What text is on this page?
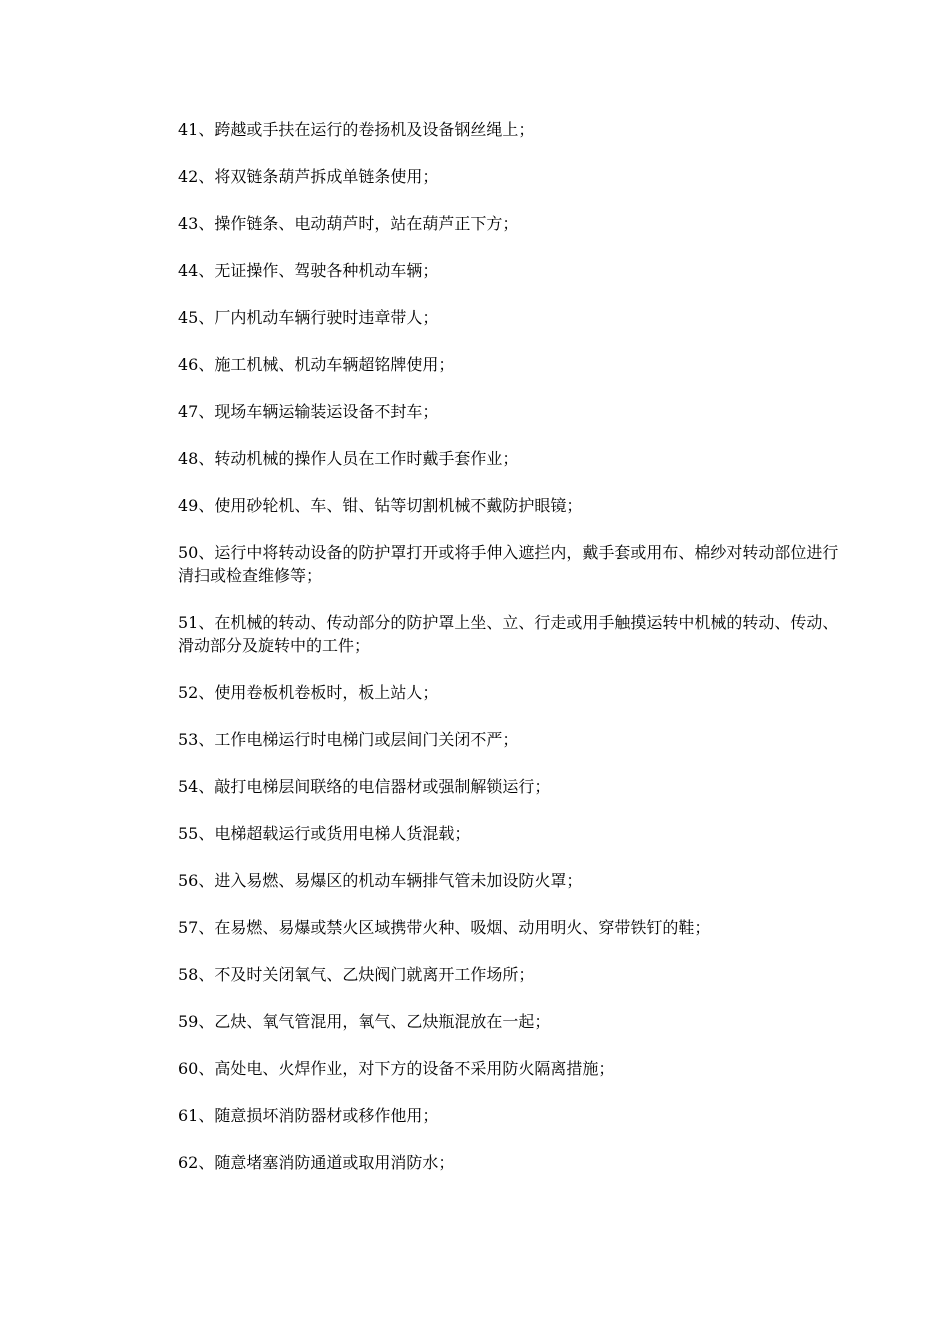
41、跨越或手扶在运行的卷扬机及设备钢丝绳上；
42、将双链条葫芦拆成单链条使用；
43、操作链条、电动葫芦时，站在葫芦正下方；
44、无证操作、驾驶各种机动车辆；
45、厂内机动车辆行驶时违章带人；
46、施工机械、机动车辆超铭牌使用；
47、现场车辆运输装运设备不封车；
48、转动机械的操作人员在工作时戴手套作业；
49、使用砂轮机、车、钳、钻等切割机械不戴防护眼镜；
50、运行中将转动设备的防护罩打开或将手伸入遮拦内，戴手套或用布、棉纱对转动部位进行
清扫或检查维修等；
51、在机械的转动、传动部分的防护罩上坐、立、行走或用手触摸运转中机械的转动、传动、
滑动部分及旋转中的工件；
52、使用卷板机卷板时，板上站人；
53、工作电梯运行时电梯门或层间门关闭不严；
54、敲打电梯层间联络的电信器材或强制解锁运行；
55、电梯超载运行或货用电梯人货混载；
56、进入易燃、易爆区的机动车辆排气管未加设防火罩；
57、在易燃、易爆或禁火区域携带火种、吸烟、动用明火、穿带铁钉的鞋；
58、不及时关闭氧气、乙炔阀门就离开工作场所；
59、乙炔、氧气管混用，氧气、乙炔瓶混放在一起；
60、高处电、火焊作业，对下方的设备不采用防火隔离措施；
61、随意损坏消防器材或移作他用；
62、随意堵塞消防通道或取用消防水；
